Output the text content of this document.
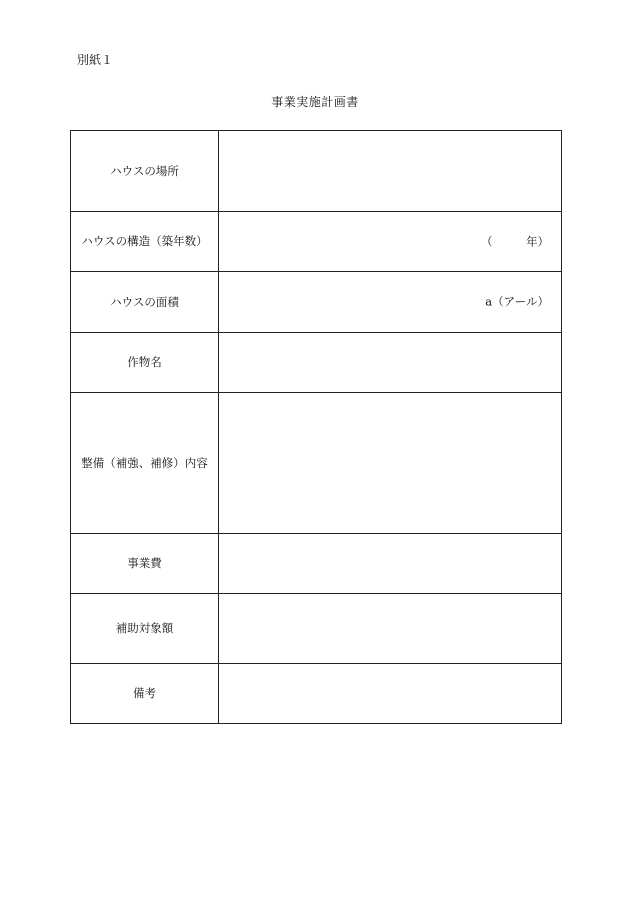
別紙１
事業実施計画書
ハウスの場所	
ハウスの構造（築年数）	（ 年）

ハウスの面積	a（アール）

作物名	
整備（補強、補修）内容	
事業費	
補助対象額	
備考	
